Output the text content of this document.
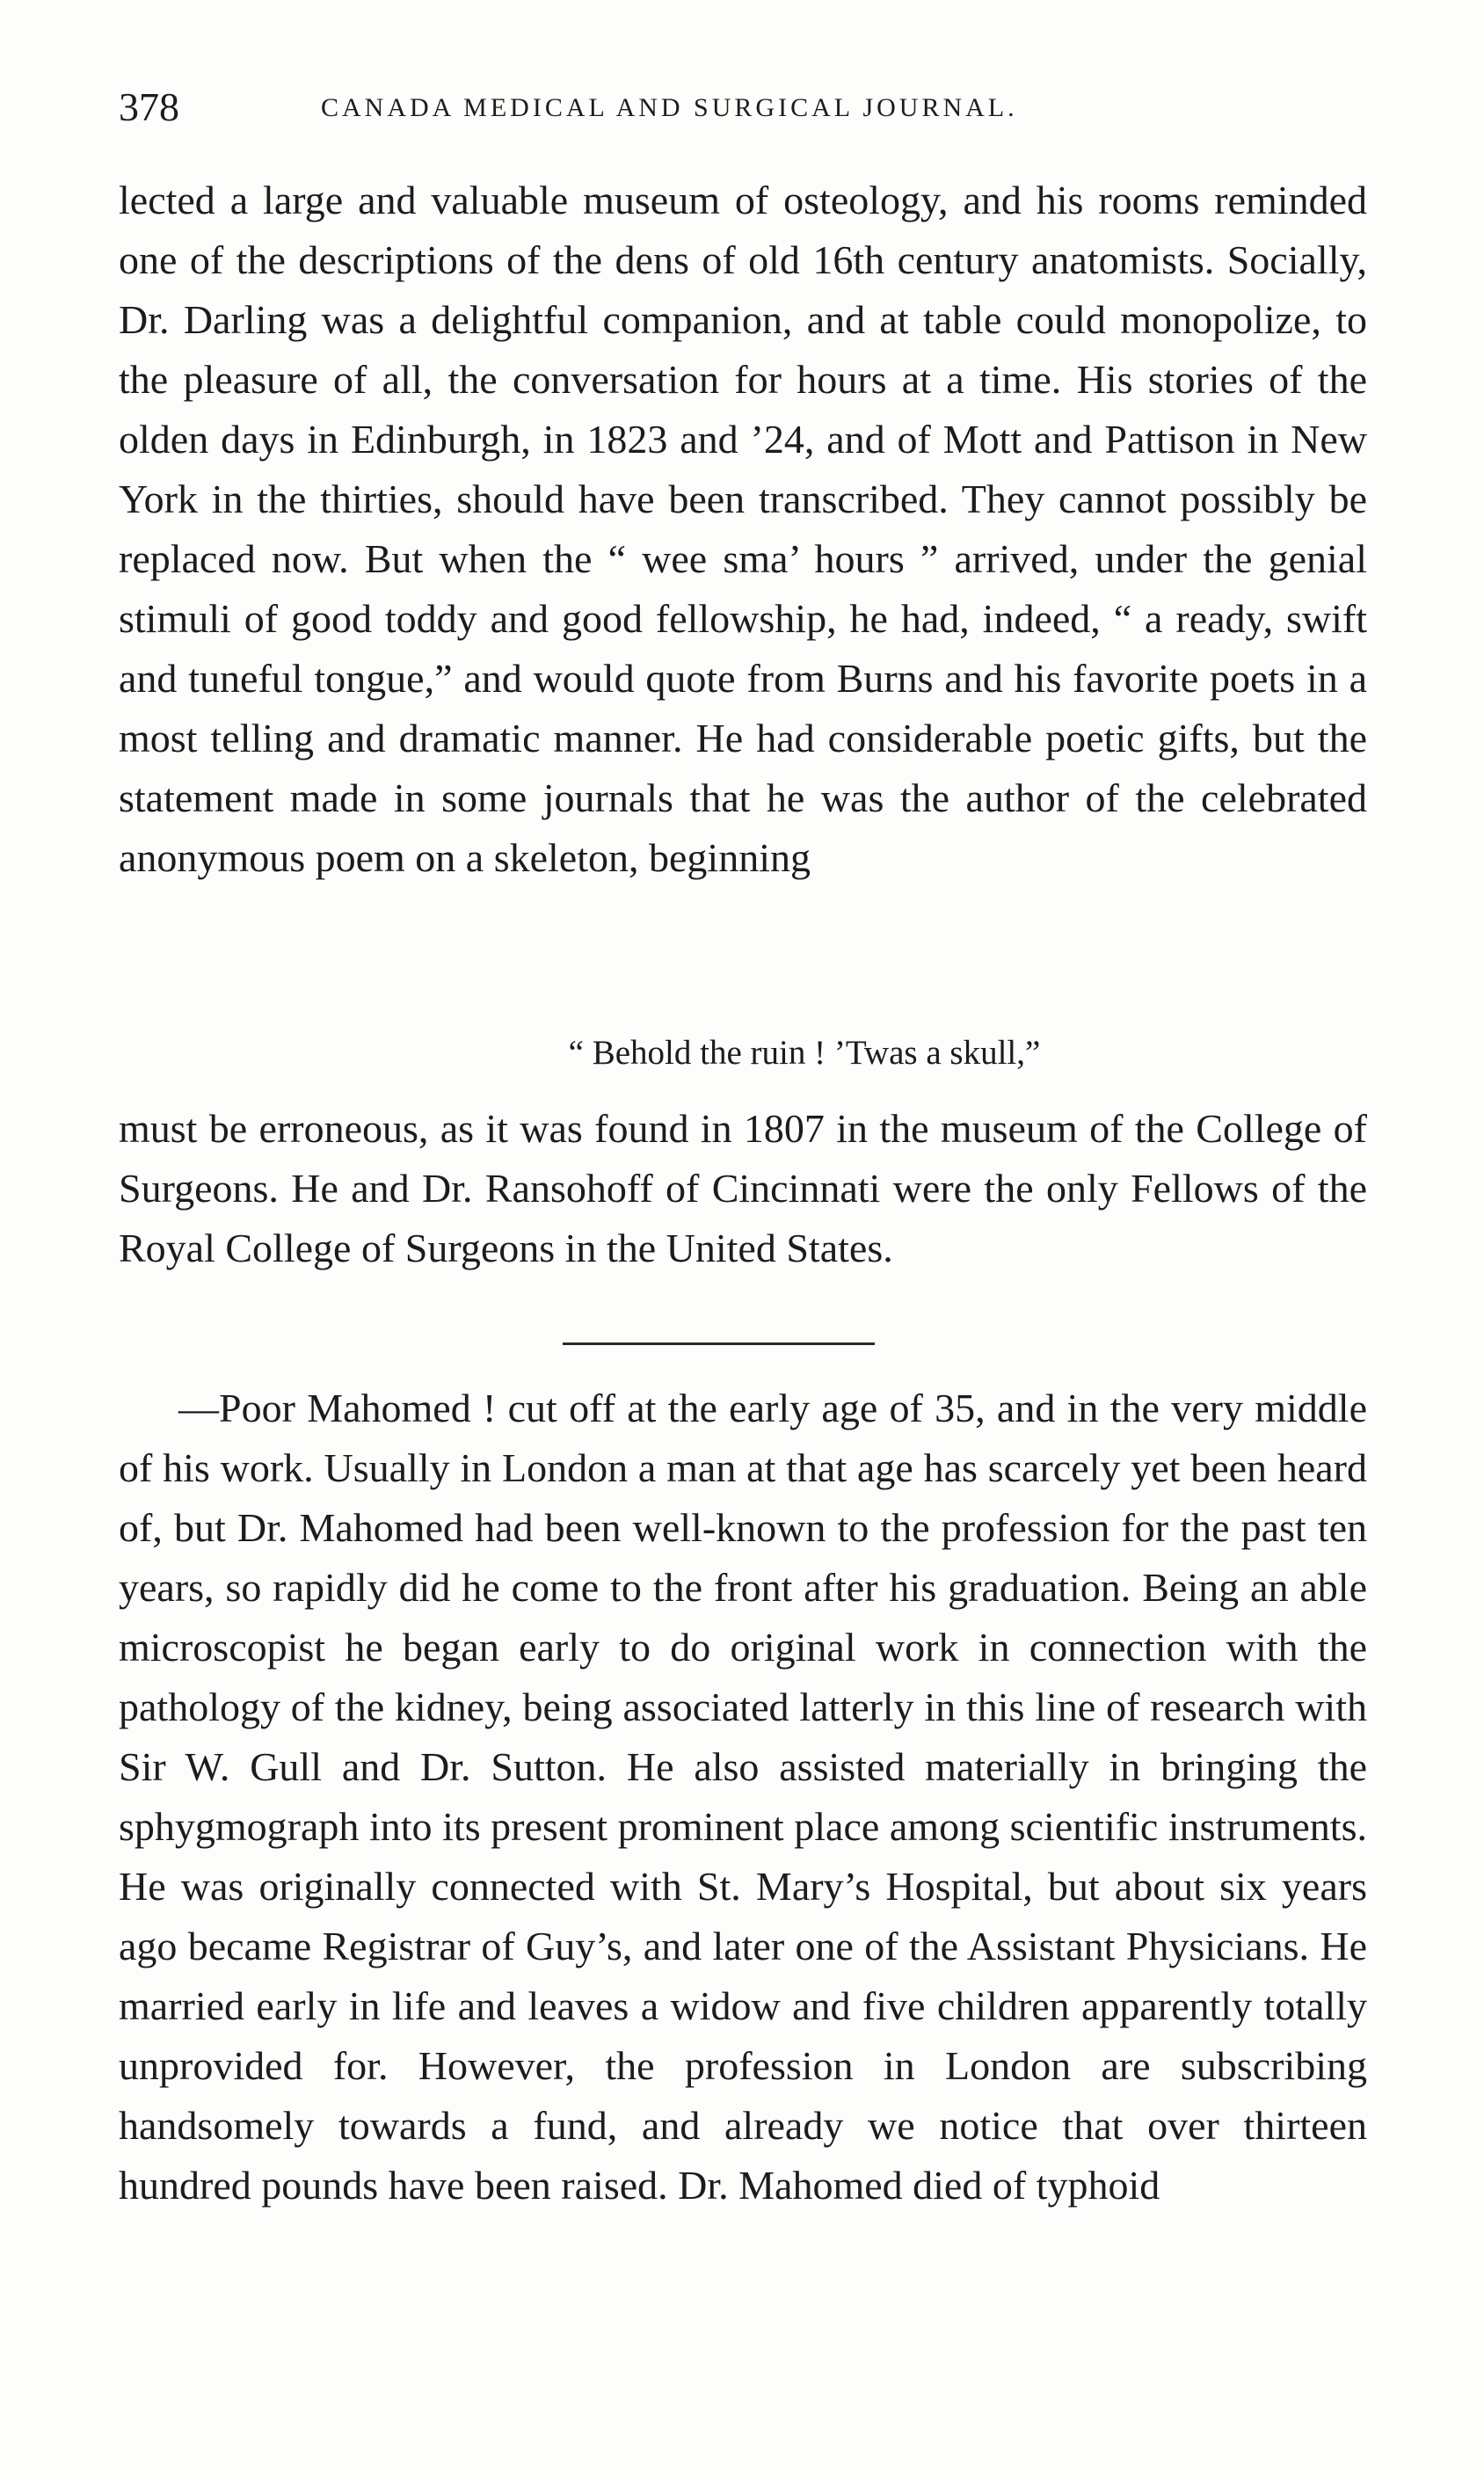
378	CANADA MEDICAL AND SURGICAL JOURNAL.

lected a large and valuable museum of osteology, and his rooms reminded one of the descriptions of the dens of old 16th century anatomists. Socially, Dr. Darling was a delightful companion, and at table could monopolize, to the pleasure of all, the conversation for hours at a time. His stories of the olden days in Edinburgh, in 1823 and ’24, and of Mott and Pattison in New York in the thirties, should have been transcribed. They cannot possibly be replaced now. But when the “ wee sma’ hours ” arrived, under the genial stimuli of good toddy and good fellowship, he had, indeed, “ a ready, swift and tuneful tongue,” and would quote from Burns and his favorite poets in a most telling and dramatic manner. He had considerable poetic gifts, but the statement made in some journals that he was the author of the celebrated anonymous poem on a skeleton, beginning

“ Behold the ruin ! ’Twas a skull,”

must be erroneous, as it was found in 1807 in the museum of the College of Surgeons. He and Dr. Ransohoff of Cincinnati were the only Fellows of the Royal College of Surgeons in the United States.

—Poor Mahomed ! cut off at the early age of 35, and in the very middle of his work. Usually in London a man at that age has scarcely yet been heard of, but Dr. Mahomed had been well-known to the profession for the past ten years, so rapidly did he come to the front after his graduation. Being an able microscopist he began early to do original work in connection with the pathology of the kidney, being associated latterly in this line of research with Sir W. Gull and Dr. Sutton. He also assisted materially in bringing the sphygmograph into its present prominent place among scientific instruments. He was originally connected with St. Mary’s Hospital, but about six years ago became Registrar of Guy’s, and later one of the Assistant Physicians. He married early in life and leaves a widow and five children apparently totally unprovided for. However, the profession in London are subscribing handsomely towards a fund, and already we notice that over thirteen hundred pounds have been raised. Dr. Mahomed died of typhoid
